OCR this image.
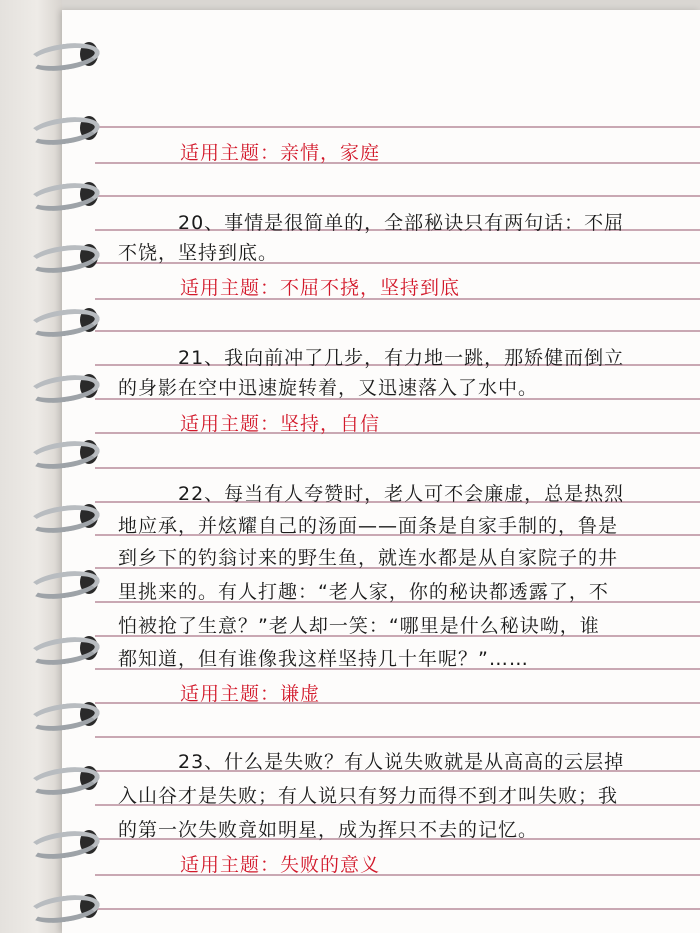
适用主题：亲情，家庭
20、事情是很简单的，全部秘诀只有两句话：不屈
不饶，坚持到底。
适用主题：不屈不挠，坚持到底
21、我向前冲了几步，有力地一跳，那矫健而倒立
的身影在空中迅速旋转着，又迅速落入了水中。
适用主题：坚持，自信
22、每当有人夸赞时，老人可不会廉虚，总是热烈
地应承，并炫耀自己的汤面——面条是自家手制的，鲁是
到乡下的钓翁讨来的野生鱼，就连水都是从自家院子的井
里挑来的。有人打趣：“老人家，你的秘诀都透露了，不
怕被抢了生意？”老人却一笑：“哪里是什么秘诀呦，谁
都知道，但有谁像我这样坚持几十年呢？”……
适用主题：谦虚
23、什么是失败？有人说失败就是从高高的云层掉
入山谷才是失败；有人说只有努力而得不到才叫失败；我
的第一次失败竟如明星，成为挥只不去的记忆。
适用主题：失败的意义
